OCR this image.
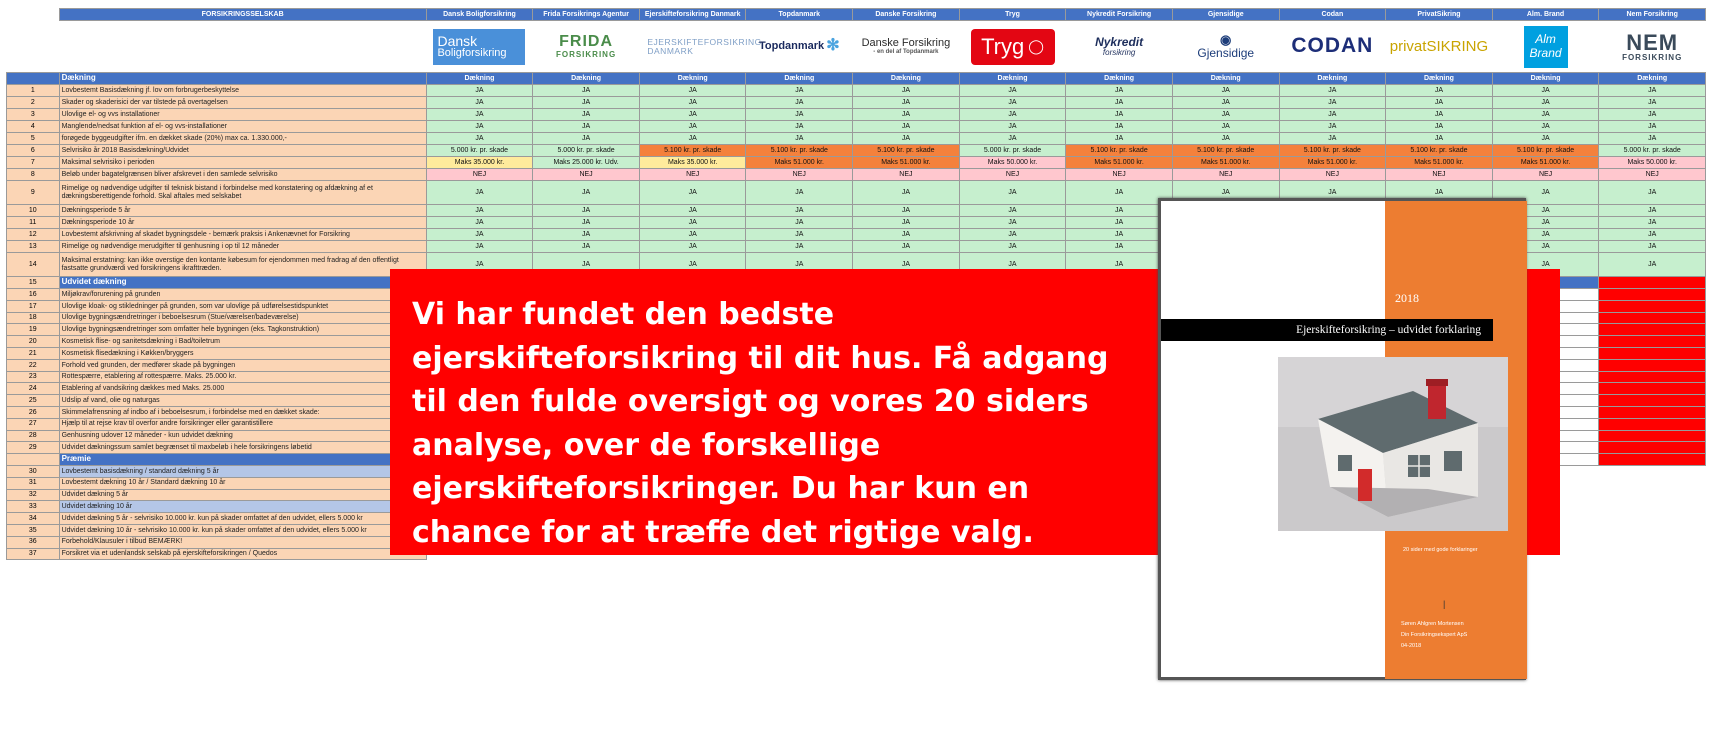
	FORSIKRINGSSELSKAB	Dansk Boligforsikring	Frida Forsikrings Agentur	Ejerskifteforsikring Danmark	Topdanmark	Danske Forsikring	Tryg	Nykredit Forsikring	Gjensidige	Codan	PrivatSikring	Alm. Brand	Nem Forsikring

		Dansk
Boligforsikring	FRIDA
FORSIKRING	EJERSKIFTEFORSIKRING
DANMARK	Topdanmark ✻	Danske Forsikring
- en del af Topdanmark	Tryg ◯	Nykredit
forsikring	◉
Gjensidige	CODAN	privatSIKRING	Alm
Brand	NEM
FORSIKRING

	Dækning	Dækning	Dækning	Dækning	Dækning	Dækning	Dækning	Dækning	Dækning	Dækning	Dækning	Dækning	Dækning
1	Lovbestemt Basisdækning jf. lov om forbrugerbeskyttelse	JA	JA	JA	JA	JA	JA	JA	JA	JA	JA	JA	JA
2	Skader og skaderisici der var tilstede på overtagelsen	JA	JA	JA	JA	JA	JA	JA	JA	JA	JA	JA	JA
3	Ulovlige el- og vvs installationer	JA	JA	JA	JA	JA	JA	JA	JA	JA	JA	JA	JA
4	Manglende/nedsat funktion af el- og vvs-installationer	JA	JA	JA	JA	JA	JA	JA	JA	JA	JA	JA	JA
5	forøgede byggeudgifter ifm. en dækket skade (20%) max ca. 1.330.000,-	JA	JA	JA	JA	JA	JA	JA	JA	JA	JA	JA	JA
6	Selvrisiko år 2018 Basisdækning/Udvidet	5.000 kr. pr. skade	5.000 kr. pr. skade	5.100 kr. pr. skade	5.100 kr. pr. skade	5.100 kr. pr. skade	5.000 kr. pr. skade	5.100 kr. pr. skade	5.100 kr. pr. skade	5.100 kr. pr. skade	5.100 kr. pr. skade	5.100 kr. pr. skade	5.000 kr. pr. skade
7	Maksimal selvrisiko i perioden	Maks 35.000 kr.	Maks 25.000 kr. Udv.	Maks 35.000 kr.	Maks 51.000 kr.	Maks 51.000 kr.	Maks 50.000 kr.	Maks 51.000 kr.	Maks 51.000 kr.	Maks 51.000 kr.	Maks 51.000 kr.	Maks 51.000 kr.	Maks 50.000 kr.
8	Beløb under bagatelgrænsen bliver afskrevet i den samlede selvrisiko	NEJ	NEJ	NEJ	NEJ	NEJ	NEJ	NEJ	NEJ	NEJ	NEJ	NEJ	NEJ
9	Rimelige og nødvendige udgifter til teknisk bistand i forbindelse med konstatering og afdækning af et dækningsberettigende forhold. Skal aftales med selskabet	JA	JA	JA	JA	JA	JA	JA	JA	JA	JA	JA	JA
10	Dækningsperiode 5 år	JA	JA	JA	JA	JA	JA	JA				JA	JA
11	Dækningsperiode 10 år	JA	JA	JA	JA	JA	JA	JA				JA	JA
12	Lovbestemt afskrivning af skadet bygningsdele - bemærk praksis i Ankenævnet for Forsikring	JA	JA	JA	JA	JA	JA	JA				JA	JA
13	Rimelige og nødvendige merudgifter til genhusning i op til 12 måneder	JA	JA	JA	JA	JA	JA	JA				JA	JA
14	Maksimal erstatning: kan ikke overstige den kontante købesum for ejendommen med fradrag af den offentligt fastsatte grundværdi ved forsikringens ikrafttræden.	JA	JA	JA	JA	JA	JA	JA				JA	JA
15	Udvidet dækning												
16	Miljøkrav/forurening på grunden												
17	Ulovlige kloak- og stikledninger på grunden, som var ulovlige på udførelsestidspunktet												
18	Ulovlige bygningsændretringer i beboelsesrum (Stue/værelser/badeværelse)												
19	Ulovlige bygningsændretringer som omfatter hele bygningen (eks. Tagkonstruktion)												
20	Kosmetisk flise- og sanitetsdækning i Bad/toiletrum												
21	Kosmetisk flisedækning i Køkken/bryggers												
22	Forhold ved grunden, der medfører skade på bygningen												
23	Rottespærre, etablering af rottespærre. Maks. 25.000 kr.												
24	Etablering af vandsikring dækkes med Maks. 25.000												
25	Udslip af vand, olie og naturgas												
26	Skimmelafrensning af indbo af i beboelsesrum, i forbindelse med en dækket skade:												
27	Hjælp til at rejse krav til overfor andre forsikringer eller garantistillere												
28	Genhusning udover 12 måneder - kun udvidet dækning												
29	Udvidet dækningssum samlet begrænset til maxbeløb i hele forsikringens løbetid												
	Præmie												
30	Lovbestemt basisdækning / standard dækning 5 år												
31	Lovbestemt dækning 10 år / Standard dækning 10 år												
32	Udvidet dækning 5 år												
33	Udvidet dækning 10 år												
34	Udvidet dækning 5 år - selvrisiko 10.000 kr. kun på skader omfattet af den udvidet, ellers 5.000 kr												
35	Udvidet dækning 10 år - selvrisiko 10.000 kr. kun på skader omfattet af den udvidet, ellers 5.000 kr												
36	Forbehold/Klausuler i tilbud BEMÆRK!												
37	Forsikret via et udenlandsk selskab på ejerskifteforsikringen / Quedos												
Vi har fundet den bedste ejerskifteforsikring til dit hus. Få adgang til den fulde oversigt og vores 20 siders analyse, over de forskellige ejerskifteforsikringer. Du har kun en chance for at træffe det rigtige valg.
2018
Ejerskifteforsikring – udvidet forklaring
20 sider med gode forklaringer
|
Søren Ahlgren Mortensen
Din Forsikringsekspert ApS
04-2018
